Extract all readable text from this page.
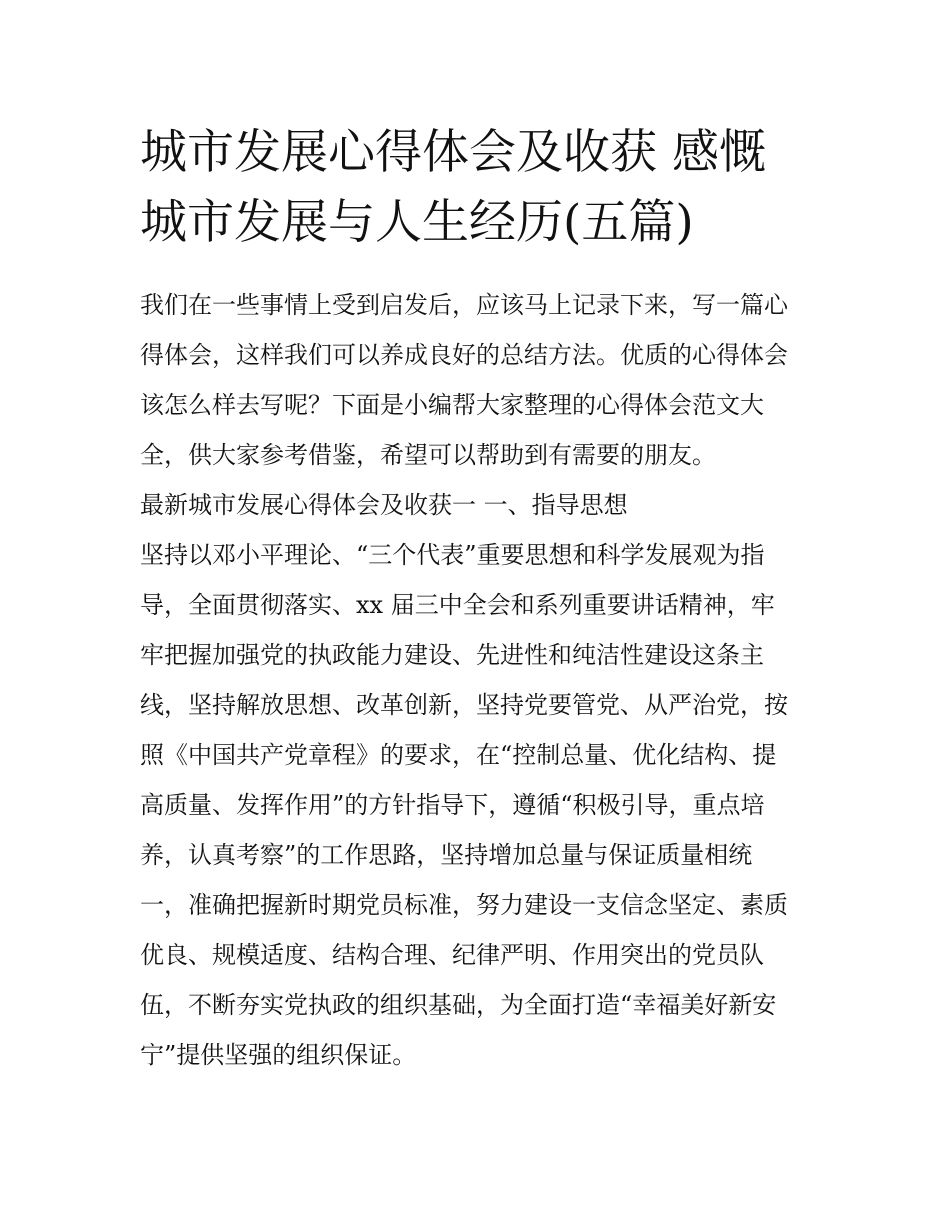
城市发展心得体会及收获 感慨
城市发展与人生经历(五篇)
我们在一些事情上受到启发后，应该马上记录下来，写一篇心
得体会，这样我们可以养成良好的总结方法。优质的心得体会
该怎么样去写呢？下面是小编帮大家整理的心得体会范文大
全，供大家参考借鉴，希望可以帮助到有需要的朋友。
最新城市发展心得体会及收获一 一、指导思想
坚持以邓小平理论、“三个代表”重要思想和科学发展观为指
导，全面贯彻落实、xx 届三中全会和系列重要讲话精神，牢
牢把握加强党的执政能力建设、先进性和纯洁性建设这条主
线，坚持解放思想、改革创新，坚持党要管党、从严治党，按
照《中国共产党章程》的要求，在“控制总量、优化结构、提
高质量、发挥作用”的方针指导下，遵循“积极引导，重点培
养，认真考察”的工作思路，坚持增加总量与保证质量相统
一，准确把握新时期党员标准，努力建设一支信念坚定、素质
优良、规模适度、结构合理、纪律严明、作用突出的党员队
伍，不断夯实党执政的组织基础，为全面打造“幸福美好新安
宁”提供坚强的组织保证。
